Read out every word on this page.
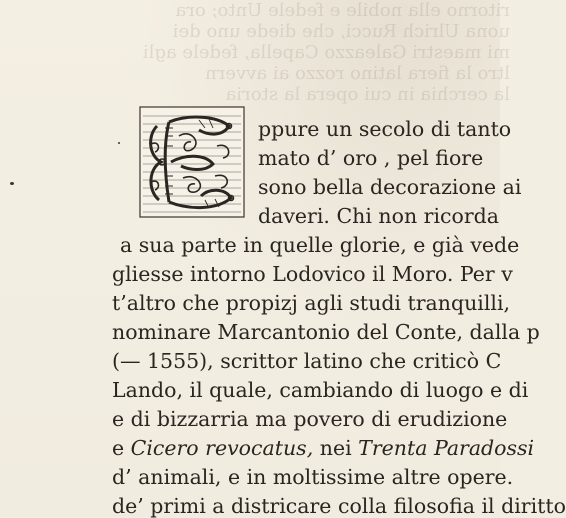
ritorno ella nobile e fedele Unto; ora
uona Ulrich Rucci, che diede uno dei
mi maestri Galeazzo Capella, fedele agli
ltro la fiera latino rozzo ai avvern
la cerchia in cui opera la storia
ppure un secolo di tanto
mato d’ oro , pel fiore
sono bella decorazione ai
daveri. Chi non ricorda
a sua parte in quelle glorie, e già vede
gliesse intorno Lodovico il Moro. Per v
t’altro che propizj agli studi tranquilli,
nominare Marcantonio del Conte, dalla p
(— 1555), scrittor latino che criticò C
Lando, il quale, cambiando di luogo e di
e di bizzarria ma povero di erudizione
e Cicero revocatus, nei Trenta Paradossi
d’ animali, e in moltissime altre opere.
de’ primi a districare colla filosofia il diritto
